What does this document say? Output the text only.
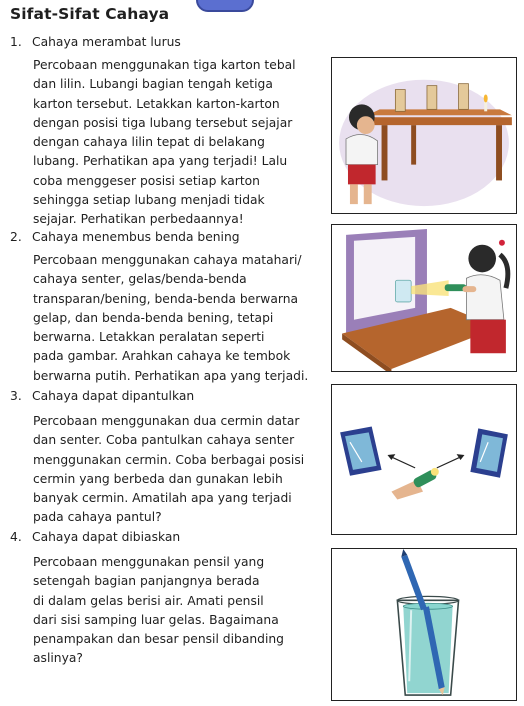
Sifat-Sifat Cahaya
1. Cahaya merambat lurus
Percobaan menggunakan tiga karton tebal
dan lilin. Lubangi bagian tengah ketiga
karton tersebut. Letakkan karton-karton
dengan posisi tiga lubang tersebut sejajar
dengan cahaya lilin tepat di belakang
lubang. Perhatikan apa yang terjadi! Lalu
coba menggeser posisi setiap karton
sehingga setiap lubang menjadi tidak
sejajar. Perhatikan perbedaannya!
2. Cahaya menembus benda bening
Percobaan menggunakan cahaya matahari/
cahaya senter, gelas/benda-benda
transparan/bening, benda-benda berwarna
gelap, dan benda-benda bening, tetapi
berwarna. Letakkan peralatan seperti
pada gambar. Arahkan cahaya ke tembok
berwarna putih. Perhatikan apa yang terjadi.
3. Cahaya dapat dipantulkan
Percobaan menggunakan dua cermin datar
dan senter. Coba pantulkan cahaya senter
menggunakan cermin. Coba berbagai posisi
cermin yang berbeda dan gunakan lebih
banyak cermin. Amatilah apa yang terjadi
pada cahaya pantul?
4. Cahaya dapat dibiaskan
Percobaan menggunakan pensil yang
setengah bagian panjangnya berada
di dalam gelas berisi air. Amati pensil
dari sisi samping luar gelas. Bagaimana
penampakan dan besar pensil dibanding
aslinya?
